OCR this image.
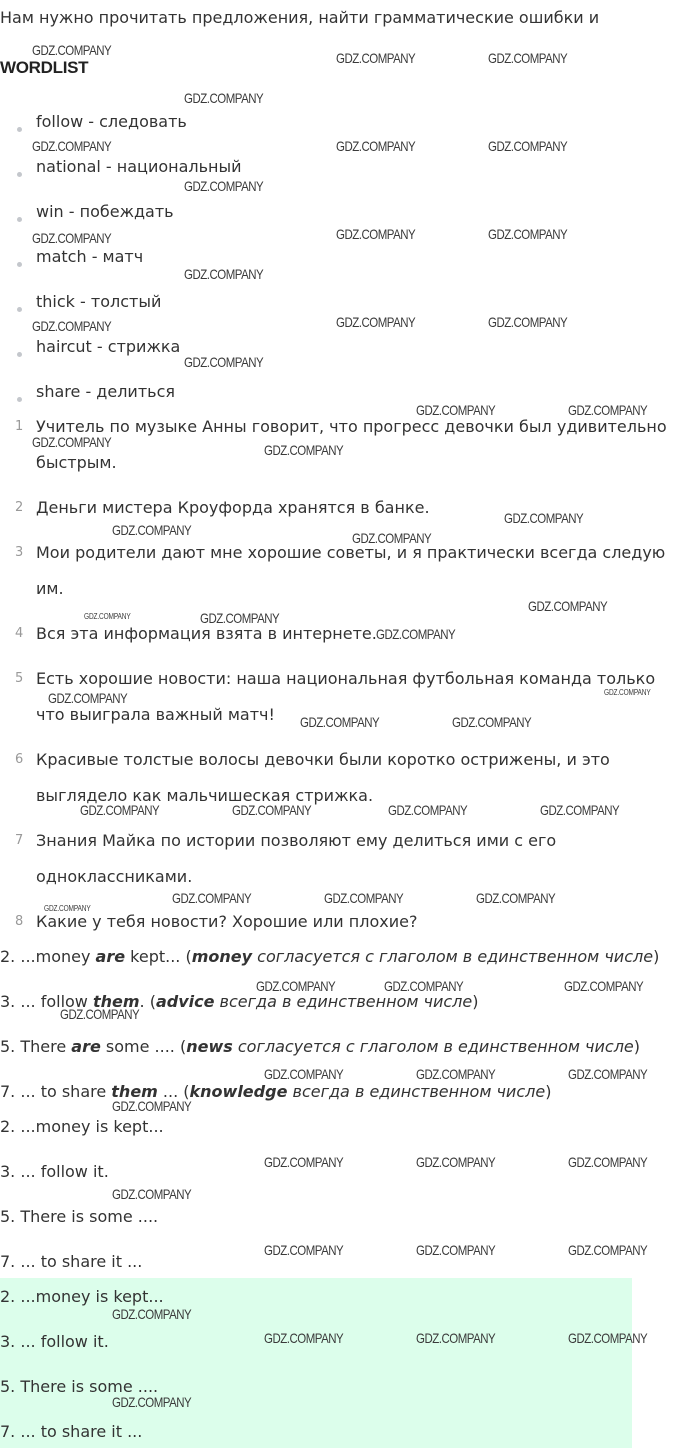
Нам нужно прочитать предложения, найти грамматические ошибки и
WORDLIST
follow - следовать
national - национальный
win - побеждать
match - матч
thick - толстый
haircut - стрижка
share - делиться
1 Учитель по музыке Анны говорит, что прогресс девочки был удивительно
быстрым.
2 Деньги мистера Кроуфорда хранятся в банке.
3 Мои родители дают мне хорошие советы, и я практически всегда следую
им.
4 Вся эта информация взята в интернете.
5 Есть хорошие новости: наша национальная футбольная команда только
что выиграла важный матч!
6 Красивые толстые волосы девочки были коротко острижены, и это
выглядело как мальчишеская стрижка.
7 Знания Майка по истории позволяют ему делиться ими с его
одноклассниками.
8 Какие у тебя новости? Хорошие или плохие?
2. ...money are kept... (money согласуется с глаголом в единственном числе)
3. ... follow them. (advice всегда в единственном числе)
5. There are some .... (news согласуется с глаголом в единственном числе)
7. ... to share them ... (knowledge всегда в единственном числе)
2. ...money is kept...
3. ... follow it.
5. There is some ....
7. ... to share it ...
2. ...money is kept...
3. ... follow it.
5. There is some ....
7. ... to share it ...
GDZ.COMPANY	GDZ.COMPANY	GDZ.COMPANY
GDZ.COMPANY
GDZ.COMPANY	GDZ.COMPANY	GDZ.COMPANY
GDZ.COMPANY
GDZ.COMPANY	GDZ.COMPANY	GDZ.COMPANY
GDZ.COMPANY
GDZ.COMPANY	GDZ.COMPANY	GDZ.COMPANY
GDZ.COMPANY
GDZ.COMPANY	GDZ.COMPANY
GDZ.COMPANY	GDZ.COMPANY
GDZ.COMPANY
GDZ.COMPANY	GDZ.COMPANY
GDZ.COMPANY
GDZ.COMPANY	GDZ.COMPANY
GDZ.COMPANY
GDZ.COMPANY
GDZ.COMPANY
GDZ.COMPANY	GDZ.COMPANY
GDZ.COMPANY	GDZ.COMPANY	GDZ.COMPANY	GDZ.COMPANY
GDZ.COMPANY	GDZ.COMPANY	GDZ.COMPANY
GDZ.COMPANY
GDZ.COMPANY	GDZ.COMPANY	GDZ.COMPANY
GDZ.COMPANY
GDZ.COMPANY	GDZ.COMPANY	GDZ.COMPANY
GDZ.COMPANY
GDZ.COMPANY	GDZ.COMPANY	GDZ.COMPANY
GDZ.COMPANY
GDZ.COMPANY	GDZ.COMPANY	GDZ.COMPANY
GDZ.COMPANY
GDZ.COMPANY	GDZ.COMPANY	GDZ.COMPANY
GDZ.COMPANY
